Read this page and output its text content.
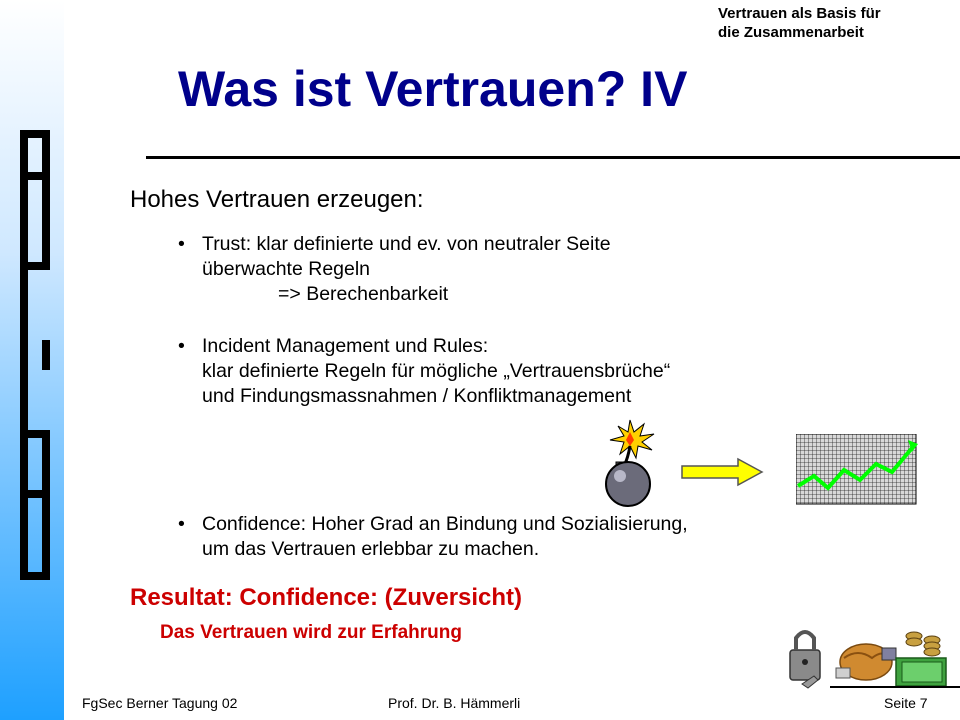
Vertrauen als Basis für
die Zusammenarbeit
Was ist Vertrauen? IV
Hohes Vertrauen erzeugen:
• Trust: klar definierte und ev. von neutraler Seite
überwachte Regeln
=> Berechenbarkeit
• Incident Management und Rules:
klar definierte Regeln für mögliche „Vertrauensbrüche“
und Findungsmassnahmen / Konfliktmanagement
• Confidence: Hoher Grad an Bindung und Sozialisierung,
um das Vertrauen erlebbar zu machen.
Resultat: Confidence: (Zuversicht)
Das Vertrauen wird zur Erfahrung
FgSec Berner Tagung 02	Prof. Dr. B. Hämmerli	Seite 7
